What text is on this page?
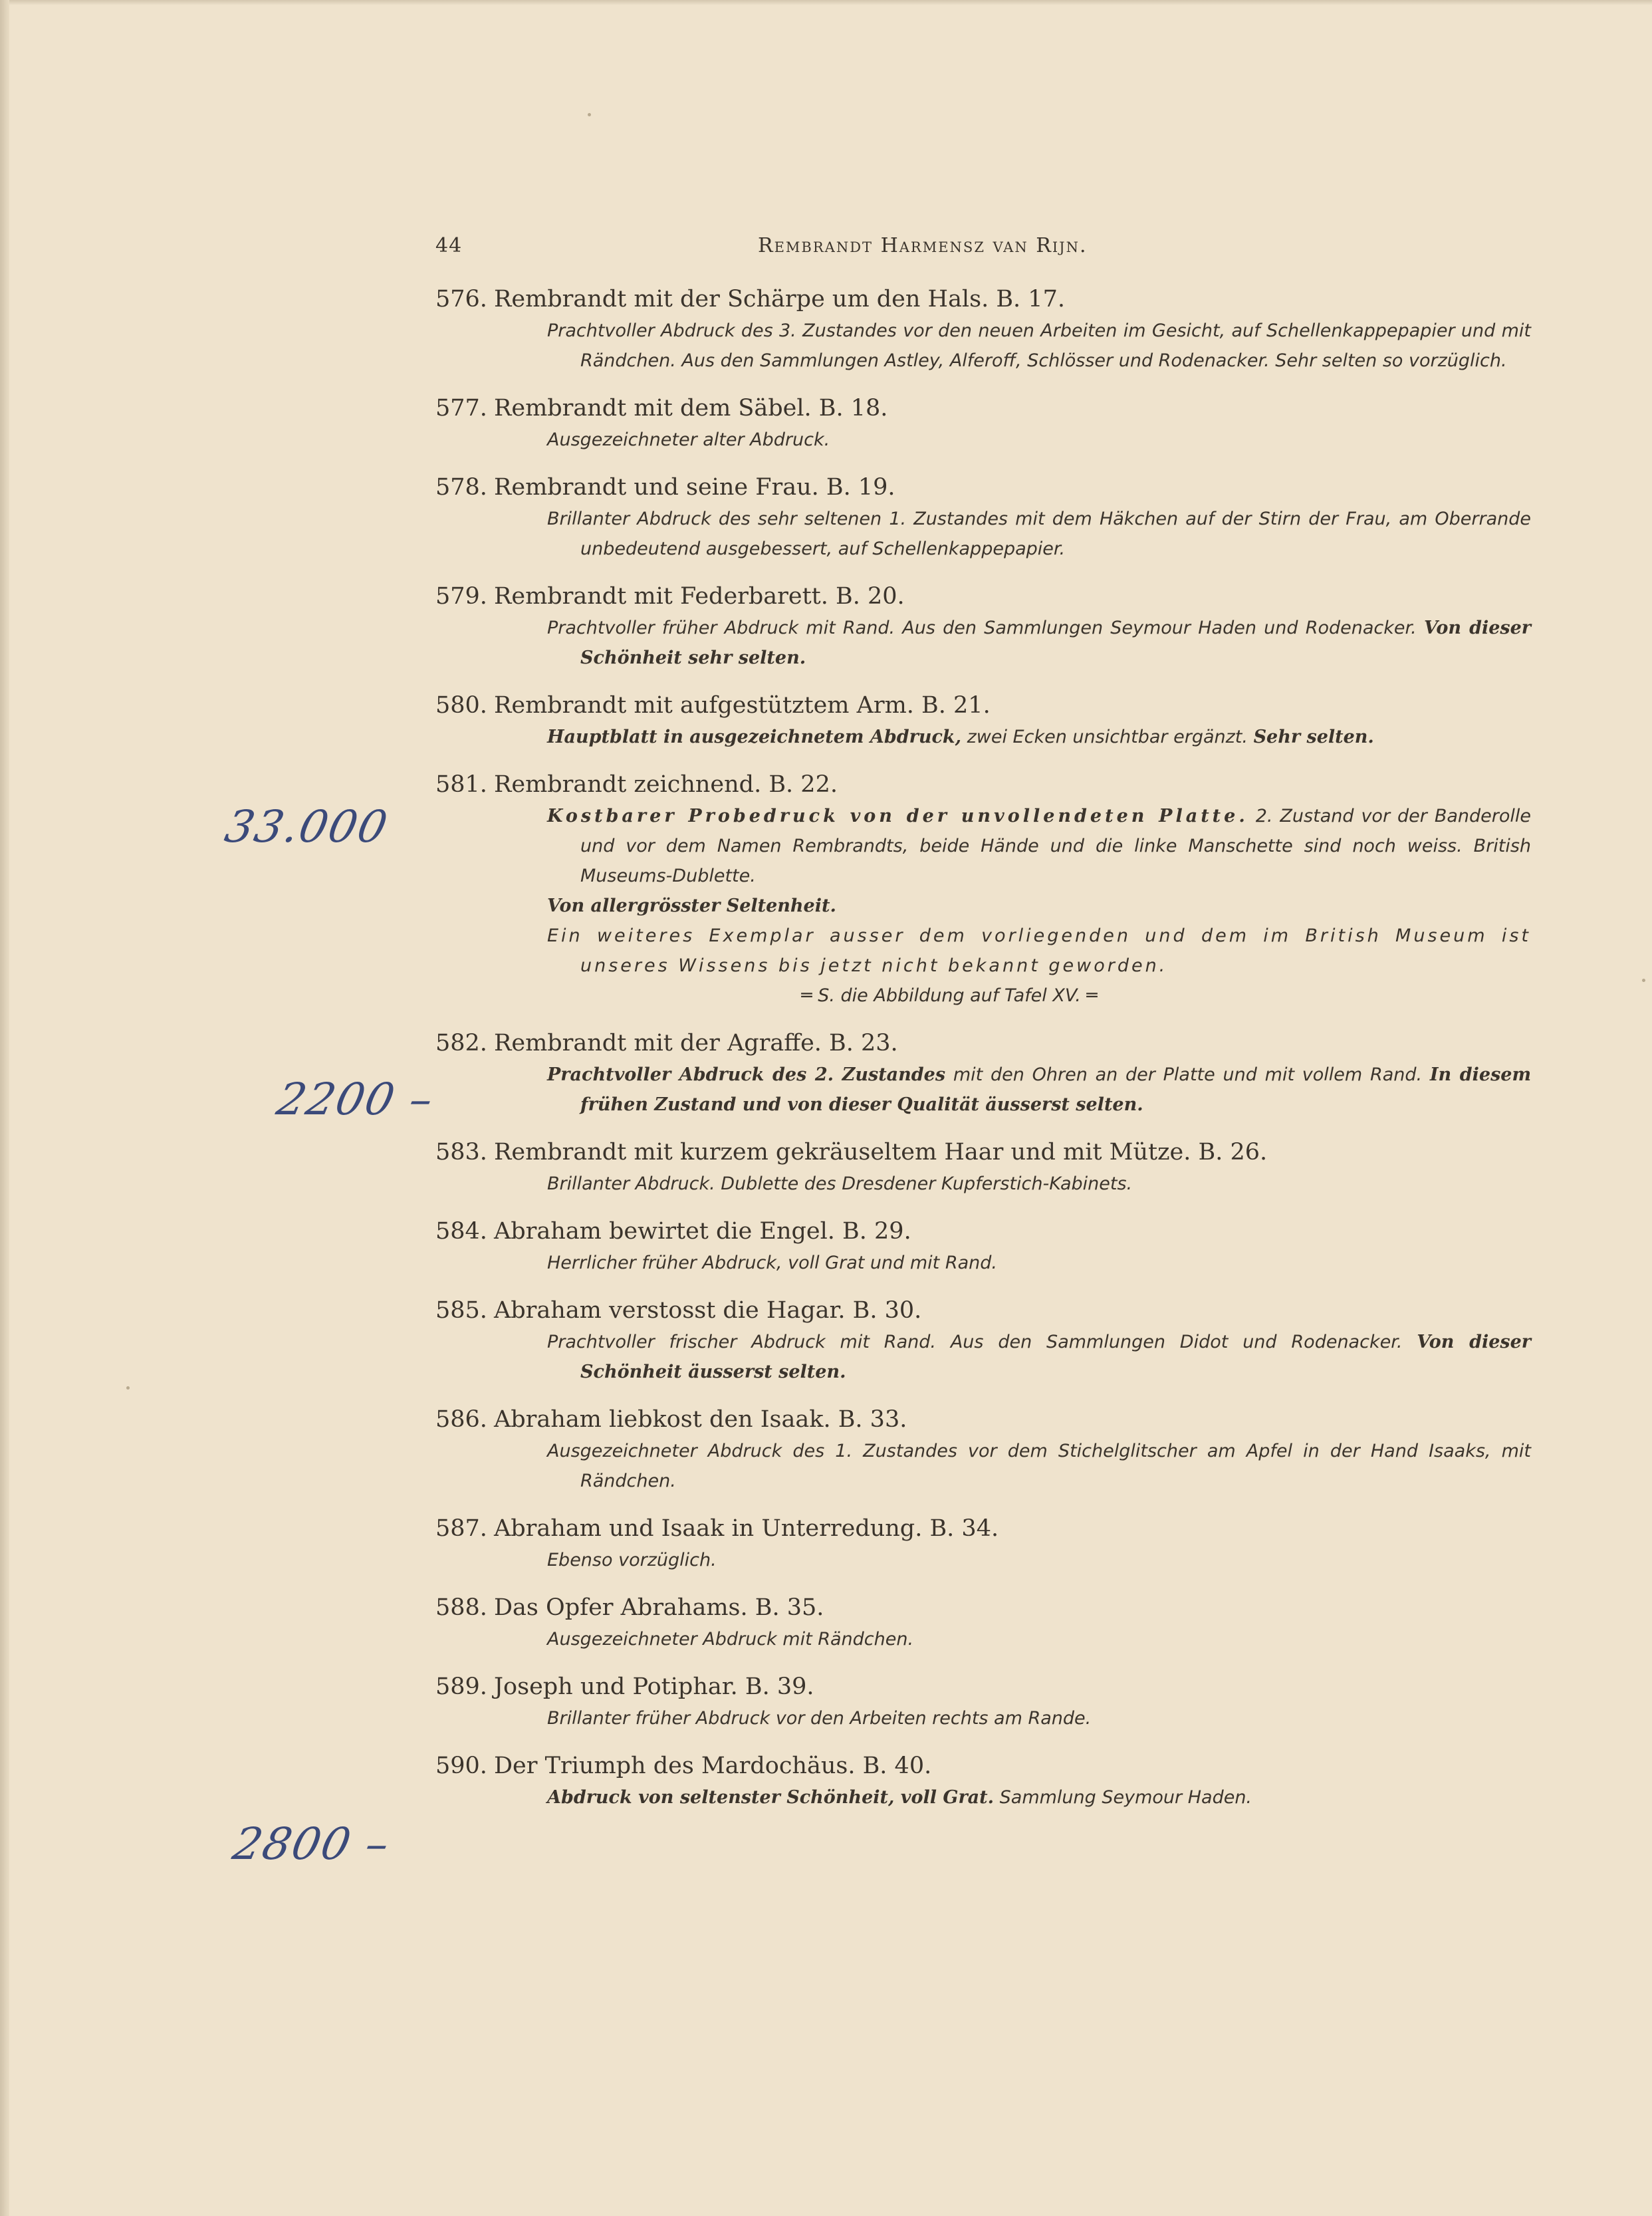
44	Rembrandt Harmensz van Rijn.
33.000
2200 –
2800 –
576. Rembrandt mit der Schärpe um den Hals. B. 17.
Prachtvoller Abdruck des 3. Zustandes vor den neuen Arbeiten im Gesicht, auf Schellenkappepapier und mit Rändchen. Aus den Sammlungen Astley, Alferoff, Schlösser und Rodenacker. Sehr selten so vorzüglich.
577. Rembrandt mit dem Säbel. B. 18.
Ausgezeichneter alter Abdruck.
578. Rembrandt und seine Frau. B. 19.
Brillanter Abdruck des sehr seltenen 1. Zustandes mit dem Häkchen auf der Stirn der Frau, am Oberrande unbedeutend ausgebessert, auf Schellenkappepapier.
579. Rembrandt mit Federbarett. B. 20.
Prachtvoller früher Abdruck mit Rand. Aus den Sammlungen Seymour Haden und Rodenacker. Von dieser Schönheit sehr selten.
580. Rembrandt mit aufgestütztem Arm. B. 21.
Hauptblatt in ausgezeichnetem Abdruck, zwei Ecken unsichtbar ergänzt. Sehr selten.
581. Rembrandt zeichnend. B. 22.
Kostbarer Probedruck von der unvollendeten Platte. 2. Zustand vor der Banderolle und vor dem Namen Rembrandts, beide Hände und die linke Manschette sind noch weiss. British Museums-Dublette.
Von allergrösster Seltenheit.
Ein weiteres Exemplar ausser dem vorliegenden und dem im British Museum ist unseres Wissens bis jetzt nicht bekannt geworden.
═ S. die Abbildung auf Tafel XV. ═
582. Rembrandt mit der Agraffe. B. 23.
Prachtvoller Abdruck des 2. Zustandes mit den Ohren an der Platte und mit vollem Rand. In diesem frühen Zustand und von dieser Qualität äusserst selten.
583. Rembrandt mit kurzem gekräuseltem Haar und mit Mütze. B. 26.
Brillanter Abdruck. Dublette des Dresdener Kupferstich-Kabinets.
584. Abraham bewirtet die Engel. B. 29.
Herrlicher früher Abdruck, voll Grat und mit Rand.
585. Abraham verstosst die Hagar. B. 30.
Prachtvoller frischer Abdruck mit Rand. Aus den Sammlungen Didot und Rodenacker. Von dieser Schönheit äusserst selten.
586. Abraham liebkost den Isaak. B. 33.
Ausgezeichneter Abdruck des 1. Zustandes vor dem Stichelglitscher am Apfel in der Hand Isaaks, mit Rändchen.
587. Abraham und Isaak in Unterredung. B. 34.
Ebenso vorzüglich.
588. Das Opfer Abrahams. B. 35.
Ausgezeichneter Abdruck mit Rändchen.
589. Joseph und Potiphar. B. 39.
Brillanter früher Abdruck vor den Arbeiten rechts am Rande.
590. Der Triumph des Mardochäus. B. 40.
Abdruck von seltenster Schönheit, voll Grat. Sammlung Seymour Haden.
